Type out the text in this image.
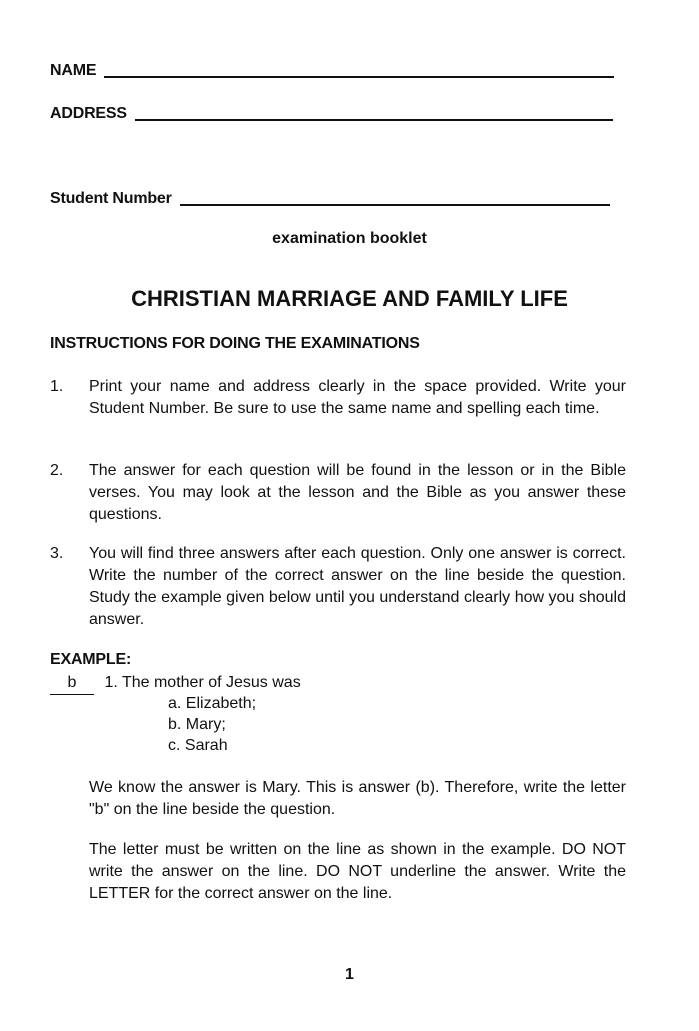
NAME
ADDRESS
Student Number
examination booklet
CHRISTIAN MARRIAGE AND FAMILY LIFE
INSTRUCTIONS FOR DOING THE EXAMINATIONS
1. Print your name and address clearly in the space provided. Write your Student Number. Be sure to use the same name and spelling each time.
2. The answer for each question will be found in the lesson or in the Bible verses. You may look at the lesson and the Bible as you answer these questions.
3. You will find three answers after each question. Only one answer is correct. Write the number of the correct answer on the line beside the question. Study the example given below until you understand clearly how you should answer.
EXAMPLE:
b 1. The mother of Jesus was
a. Elizabeth;
b. Mary;
c. Sarah
We know the answer is Mary. This is answer (b). Therefore, write the letter "b" on the line beside the question.
The letter must be written on the line as shown in the example. DO NOT write the answer on the line. DO NOT underline the answer. Write the LETTER for the correct answer on the line.
1
